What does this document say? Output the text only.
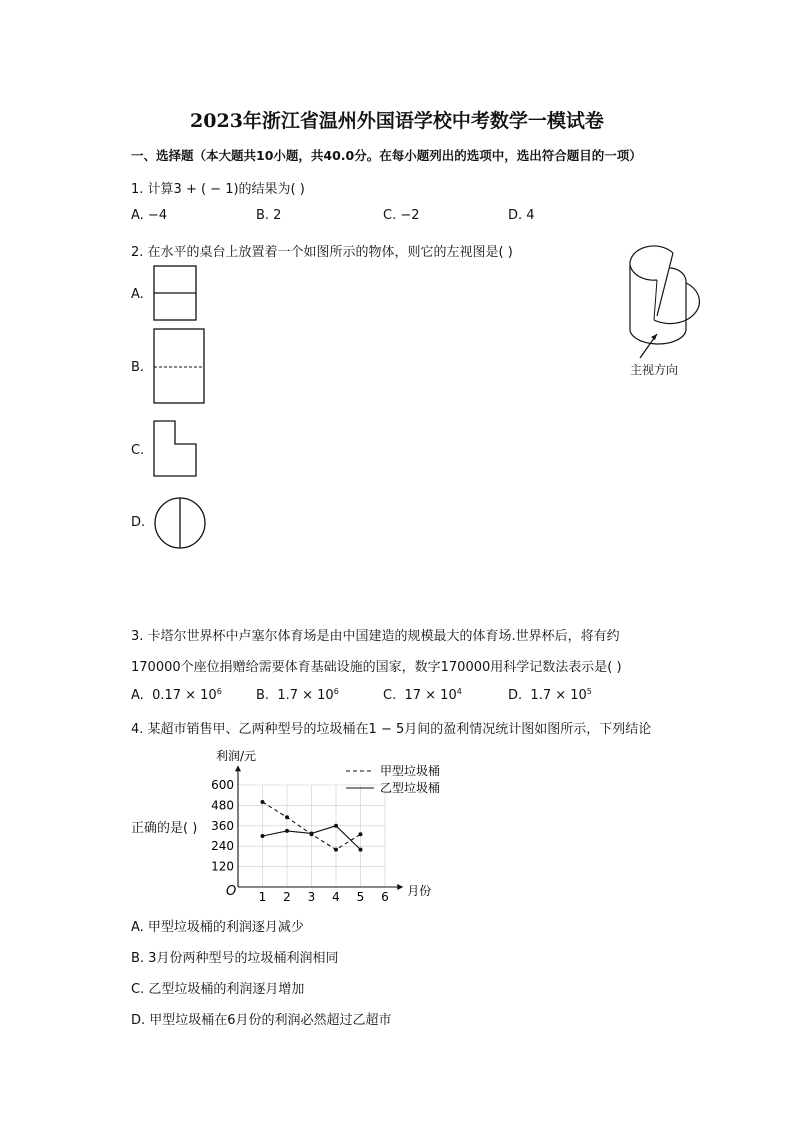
2023年浙江省温州外国语学校中考数学一模试卷
一、选择题（本大题共10小题，共40.0分。在每小题列出的选项中，选出符合题目的一项）
1. 计算3 + ( − 1)的结果为( )
A. −4	B. 2	C. −2	D. 4
2. 在水平的桌台上放置着一个如图所示的物体，则它的左视图是( )
A.
B.
C.
D.
主视方向
3. 卡塔尔世界杯中卢塞尔体育场是由中国建造的规模最大的体育场.世界杯后，将有约
170000个座位捐赠给需要体育基础设施的国家，数字170000用科学记数法表示是( )
A. $0.17 \times 10^6$	B. $1.7 \times 10^6$	C. $17 \times 10^4$	D. $1.7 \times 10^5$
4. 某超市销售甲、乙两种型号的垃圾桶在1 − 5月间的盈利情况统计图如图所示，下列结论
正确的是( )
利润/元
月份
O
120
240
360
480
600
1 2 3 4 5 6
甲型垃圾桶
乙型垃圾桶
A. 甲型垃圾桶的利润逐月减少
B. 3月份两种型号的垃圾桶利润相同
C. 乙型垃圾桶的利润逐月增加
D. 甲型垃圾桶在6月份的利润必然超过乙超市
